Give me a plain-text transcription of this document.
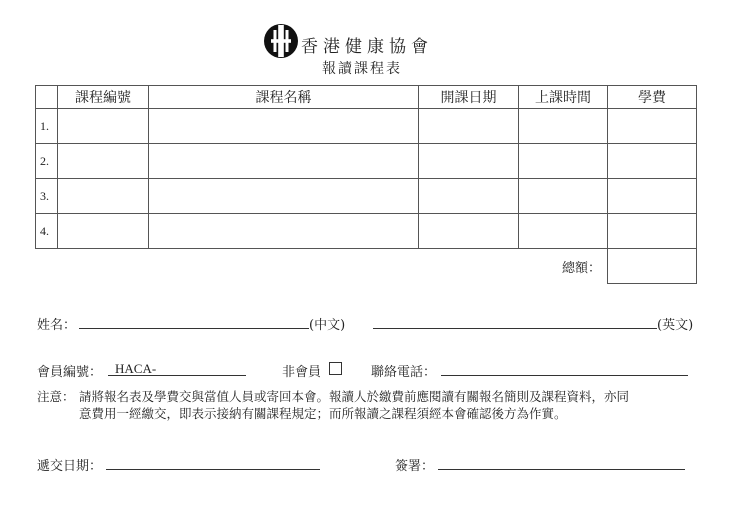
香港健康協會
報讀課程表
	課程編號	課程名稱	開課日期	上課時間	學費
1.					
2.					
3.					
4.					
				總額：	
姓名：	(中文)	(英文)
會員編號： HACA-	非會員	聯絡電話：
注意： 請將報名表及學費交與當值人員或寄回本會。報讀人於繳費前應閱讀有關報名簡則及課程資料，亦同
意費用一經繳交，即表示接納有關課程規定；而所報讀之課程須經本會確認後方為作實。
遞交日期：	簽署：
